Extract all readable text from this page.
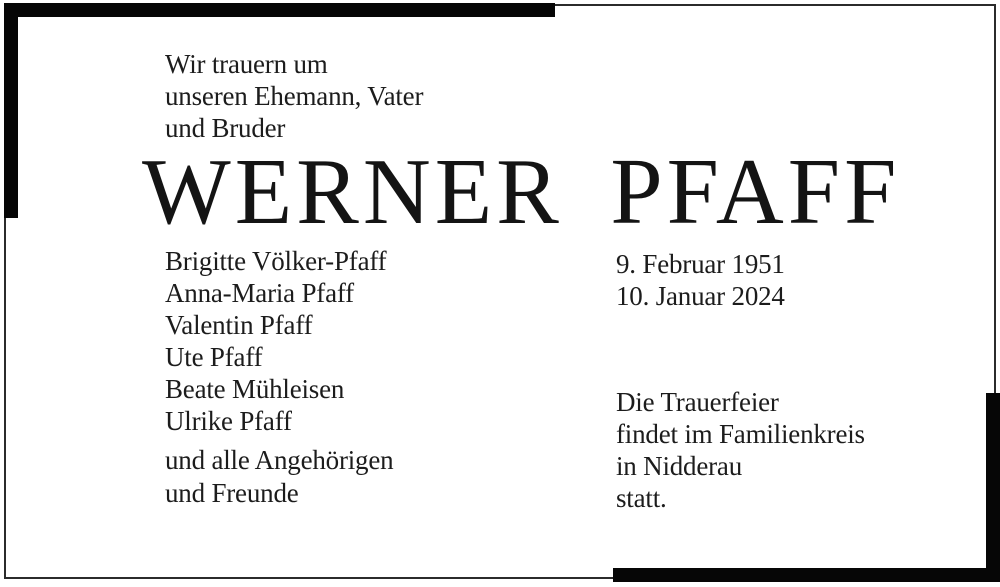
Wir trauern um
unseren Ehemann, Vater
und Bruder
WERNER PFAFF
Brigitte Völker-Pfaff
Anna-Maria Pfaff
Valentin Pfaff
Ute Pfaff
Beate Mühleisen
Ulrike Pfaff
und alle Angehörigen
und Freunde
9. Februar 1951
10. Januar 2024
Die Trauerfeier
findet im Familienkreis
in Nidderau
statt.
